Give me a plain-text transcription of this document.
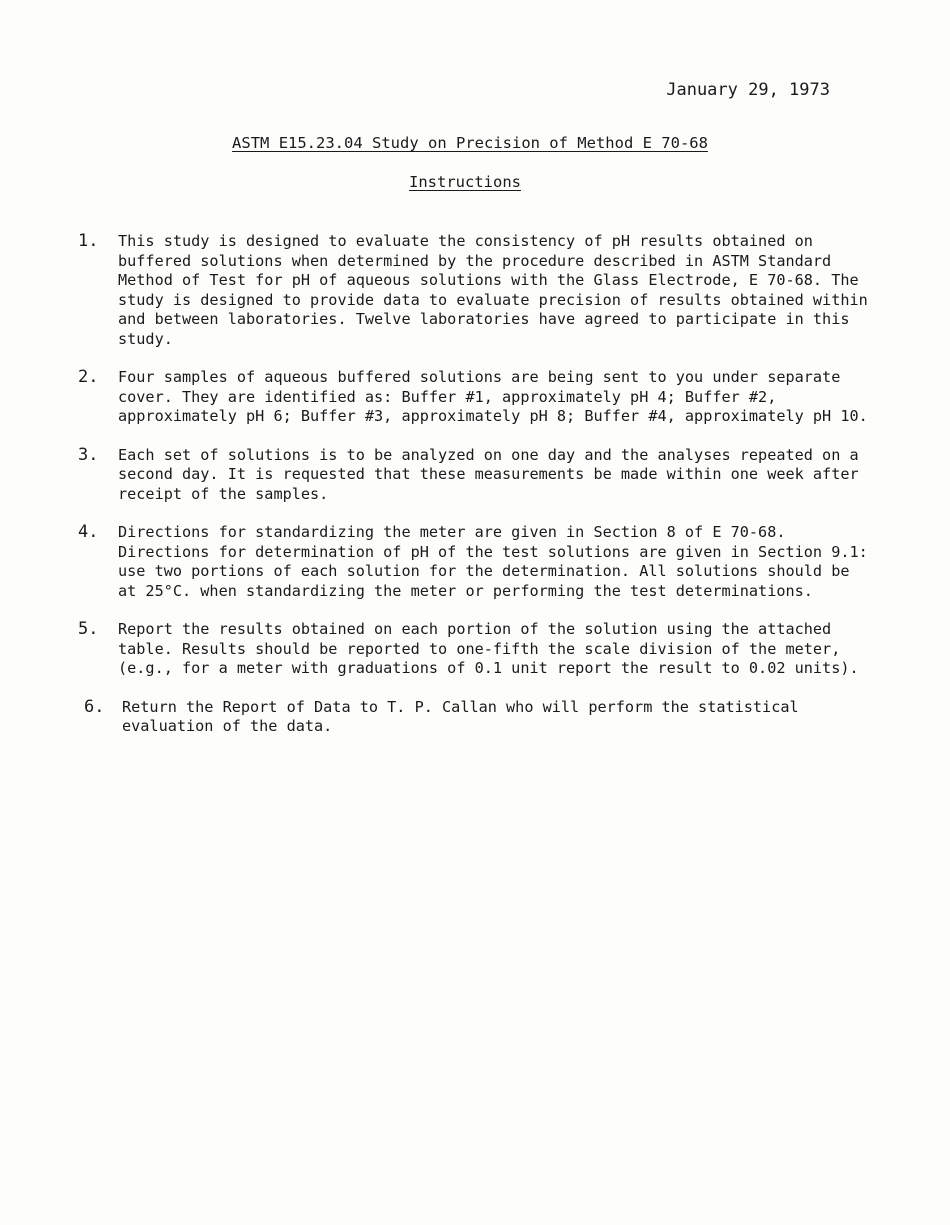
January 29, 1973
ASTM E15.23.04 Study on Precision of Method E 70-68
Instructions
1.	This study is designed to evaluate the consistency of pH results obtained on buffered solutions when determined by the procedure described in ASTM Standard Method of Test for pH of aqueous solutions with the Glass Electrode, E 70-68. The study is designed to provide data to evaluate precision of results obtained within and between laboratories. Twelve laboratories have agreed to participate in this study.
2.	Four samples of aqueous buffered solutions are being sent to you under separate cover. They are identified as: Buffer #1, approximately pH 4; Buffer #2, approximately pH 6; Buffer #3, approximately pH 8; Buffer #4, approximately pH 10.
3.	Each set of solutions is to be analyzed on one day and the analyses repeated on a second day. It is requested that these measurements be made within one week after receipt of the samples.
4.	Directions for standardizing the meter are given in Section 8 of E 70-68. Directions for determination of pH of the test solutions are given in Section 9.1: use two portions of each solution for the determination. All solutions should be at 25°C. when standardizing the meter or performing the test determinations.
5.	Report the results obtained on each portion of the solution using the attached table. Results should be reported to one-fifth the scale division of the meter, (e.g., for a meter with graduations of 0.1 unit report the result to 0.02 units).
6.	Return the Report of Data to T. P. Callan who will perform the statistical evaluation of the data.
